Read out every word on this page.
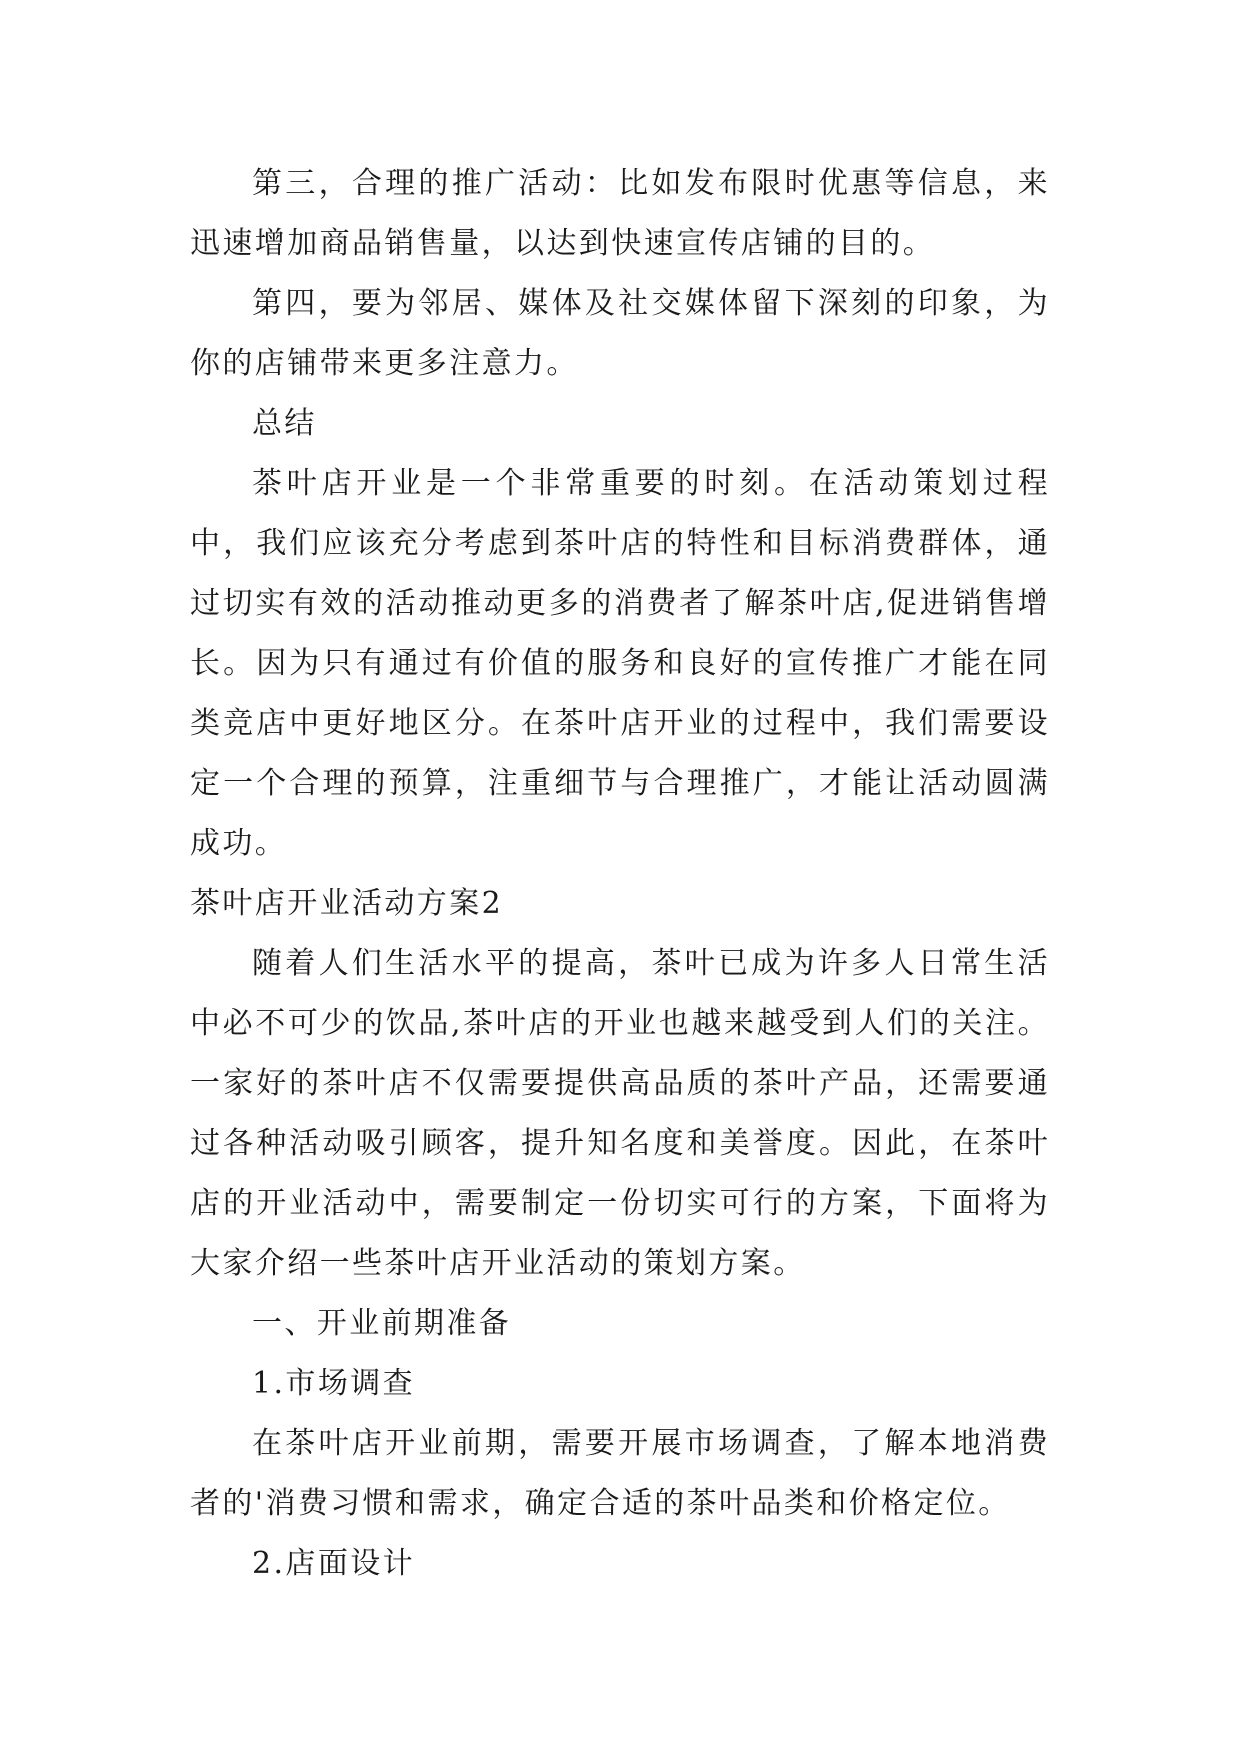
第三，合理的推广活动：比如发布限时优惠等信息，来迅速增加商品销售量，以达到快速宣传店铺的目的。

第四，要为邻居、媒体及社交媒体留下深刻的印象，为你的店铺带来更多注意力。

总结

茶叶店开业是一个非常重要的时刻。在活动策划过程中，我们应该充分考虑到茶叶店的特性和目标消费群体，通过切实有效的活动推动更多的消费者了解茶叶店,促进销售增长。因为只有通过有价值的服务和良好的宣传推广才能在同类竞店中更好地区分。在茶叶店开业的过程中，我们需要设定一个合理的预算，注重细节与合理推广，才能让活动圆满成功。

茶叶店开业活动方案2

随着人们生活水平的提高，茶叶已成为许多人日常生活中必不可少的饮品,茶叶店的开业也越来越受到人们的关注。一家好的茶叶店不仅需要提供高品质的茶叶产品，还需要通过各种活动吸引顾客，提升知名度和美誉度。因此，在茶叶店的开业活动中，需要制定一份切实可行的方案，下面将为大家介绍一些茶叶店开业活动的策划方案。

一、开业前期准备

1.市场调查

在茶叶店开业前期，需要开展市场调查，了解本地消费者的'消费习惯和需求，确定合适的茶叶品类和价格定位。

2.店面设计
